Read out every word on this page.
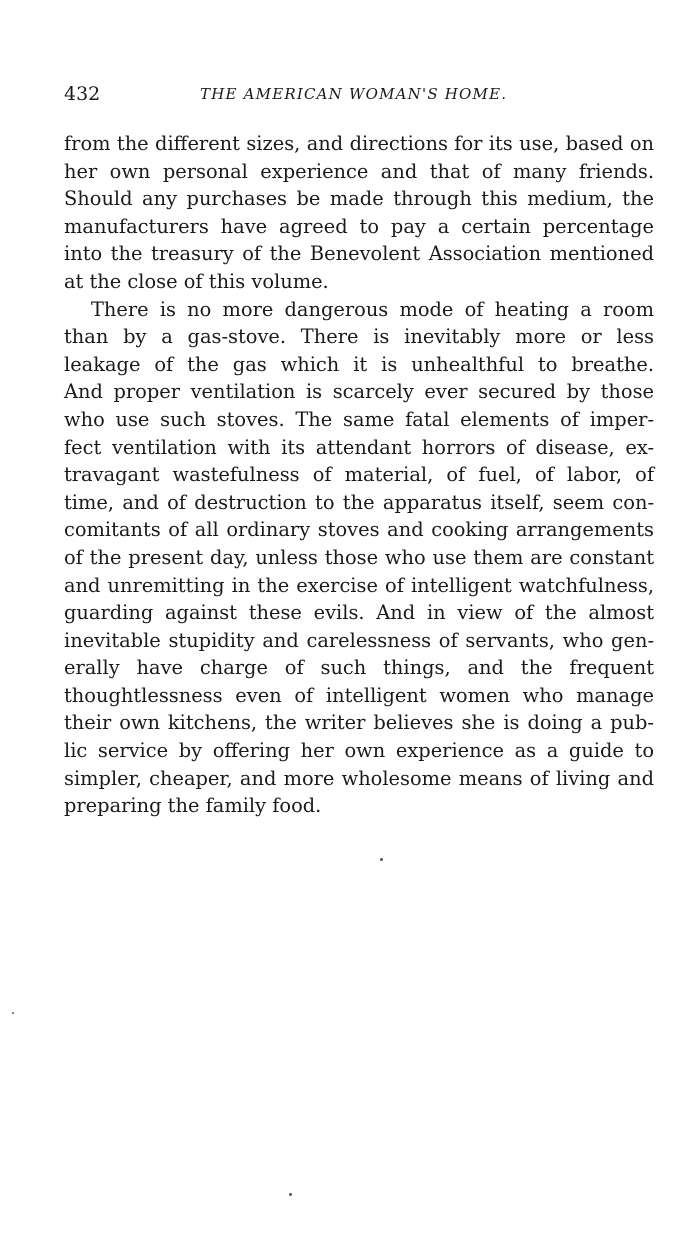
432	THE AMERICAN WOMAN'S HOME.
from the different sizes, and directions for its use, based on
her own personal experience and that of many friends.
Should any purchases be made through this medium, the
manufacturers have agreed to pay a certain percentage
into the treasury of the Benevolent Association mentioned
at the close of this volume.
There is no more dangerous mode of heating a room
than by a gas-stove. There is inevitably more or less
leakage of the gas which it is unhealthful to breathe.
And proper ventilation is scarcely ever secured by those
who use such stoves. The same fatal elements of imper-
fect ventilation with its attendant horrors of disease, ex-
travagant wastefulness of material, of fuel, of labor, of
time, and of destruction to the apparatus itself, seem con-
comitants of all ordinary stoves and cooking arrangements
of the present day, unless those who use them are constant
and unremitting in the exercise of intelligent watchfulness,
guarding against these evils. And in view of the almost
inevitable stupidity and carelessness of servants, who gen-
erally have charge of such things, and the frequent
thoughtlessness even of intelligent women who manage
their own kitchens, the writer believes she is doing a pub-
lic service by offering her own experience as a guide to
simpler, cheaper, and more wholesome means of living and
preparing the family food.
